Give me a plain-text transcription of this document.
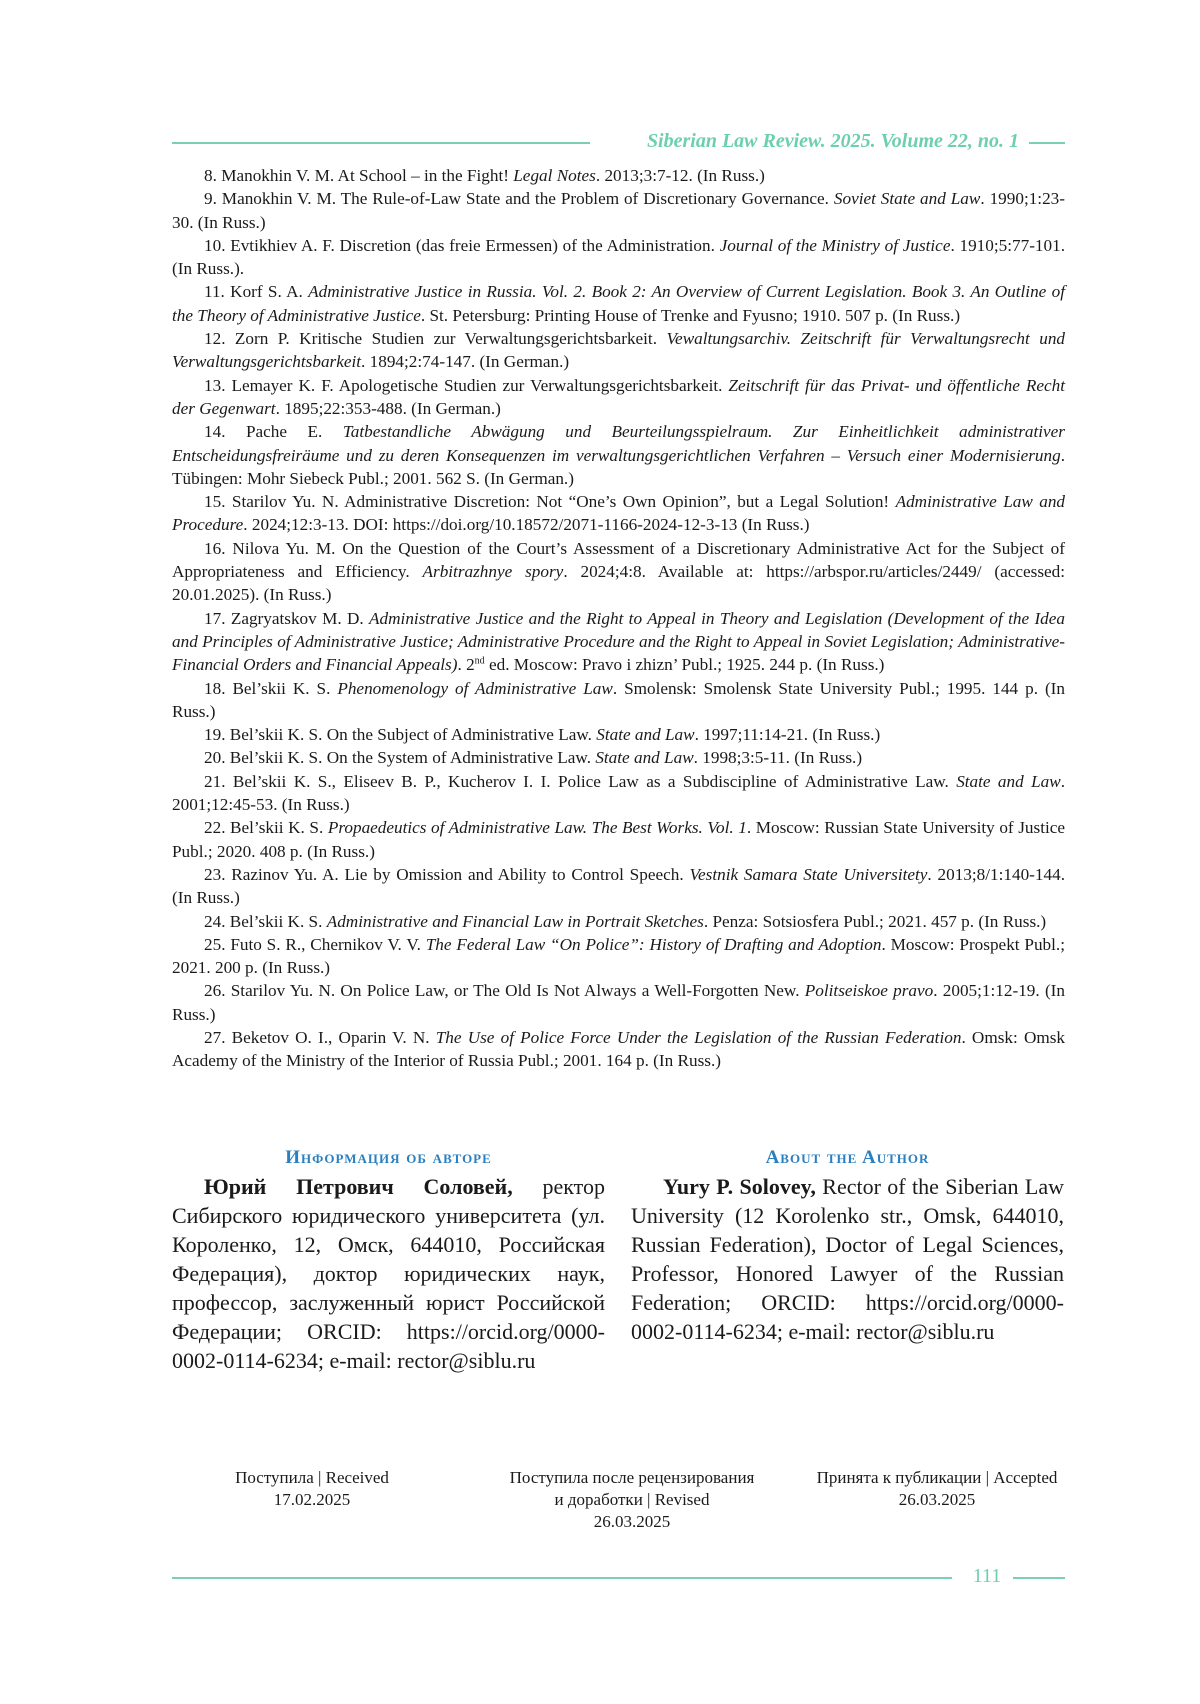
Siberian Law Review. 2025. Volume 22, no. 1

8. Manokhin V. M. At School – in the Fight! Legal Notes. 2013;3:7-12. (In Russ.)

9. Manokhin V. M. The Rule-of-Law State and the Problem of Discretionary Governance. Soviet State and Law. 1990;1:23-30. (In Russ.)

10. Evtikhiev A. F. Discretion (das freie Ermessen) of the Administration. Journal of the Ministry of Justice. 1910;5:77-101. (In Russ.).

11. Korf S. A. Administrative Justice in Russia. Vol. 2. Book 2: An Overview of Current Legislation. Book 3. An Outline of the Theory of Administrative Justice. St. Petersburg: Printing House of Trenke and Fyusno; 1910. 507 p. (In Russ.)

12. Zorn P. Kritische Studien zur Verwaltungsgerichtsbarkeit. Vewaltungsarchiv. Zeitschrift für Verwaltungsrecht und Verwaltungsgerichtsbarkeit. 1894;2:74-147. (In German.)

13. Lemayer K. F. Apologetische Studien zur Verwaltungsgerichtsbarkeit. Zeitschrift für das Privat- und öffentliche Recht der Gegenwart. 1895;22:353-488. (In German.)

14. Pache E. Tatbestandliche Abwägung und Beurteilungsspielraum. Zur Einheitlichkeit administrativer Entscheidungsfreiräume und zu deren Konsequenzen im verwaltungsgerichtlichen Verfahren – Versuch einer Modernisierung. Tübingen: Mohr Siebeck Publ.; 2001. 562 S. (In German.)

15. Starilov Yu. N. Administrative Discretion: Not “One’s Own Opinion”, but a Legal Solution! Administrative Law and Procedure. 2024;12:3-13. DOI: https://doi.org/10.18572/2071-1166-2024-12-3-13 (In Russ.)

16. Nilova Yu. M. On the Question of the Court’s Assessment of a Discretionary Administrative Act for the Subject of Appropriateness and Efficiency. Arbitrazhnye spory. 2024;4:8. Available at: https://arbspor.ru/articles/2449/ (accessed: 20.01.2025). (In Russ.)

17. Zagryatskov M. D. Administrative Justice and the Right to Appeal in Theory and Legislation (Development of the Idea and Principles of Administrative Justice; Administrative Procedure and the Right to Appeal in Soviet Legislation; Administrative-Financial Orders and Financial Appeals). 2nd ed. Moscow: Pravo i zhizn’ Publ.; 1925. 244 p. (In Russ.)

18. Bel’skii K. S. Phenomenology of Administrative Law. Smolensk: Smolensk State University Publ.; 1995. 144 p. (In Russ.)

19. Bel’skii K. S. On the Subject of Administrative Law. State and Law. 1997;11:14-21. (In Russ.)

20. Bel’skii K. S. On the System of Administrative Law. State and Law. 1998;3:5-11. (In Russ.)

21. Bel’skii K. S., Eliseev B. P., Kucherov I. I. Police Law as a Subdiscipline of Administrative Law. State and Law. 2001;12:45-53. (In Russ.)

22. Bel’skii K. S. Propaedeutics of Administrative Law. The Best Works. Vol. 1. Moscow: Russian State University of Justice Publ.; 2020. 408 p. (In Russ.)

23. Razinov Yu. A. Lie by Omission and Ability to Control Speech. Vestnik Samara State Universitety. 2013;8/1:140-144. (In Russ.)

24. Bel’skii K. S. Administrative and Financial Law in Portrait Sketches. Penza: Sotsiosfera Publ.; 2021. 457 p. (In Russ.)

25. Futo S. R., Chernikov V. V. The Federal Law “On Police”: History of Drafting and Adoption. Moscow: Prospekt Publ.; 2021. 200 p. (In Russ.)

26. Starilov Yu. N. On Police Law, or The Old Is Not Always a Well-Forgotten New. Politseiskoe pravo. 2005;1:12-19. (In Russ.)

27. Beketov O. I., Oparin V. N. The Use of Police Force Under the Legislation of the Russian Federation. Omsk: Omsk Academy of the Ministry of the Interior of Russia Publ.; 2001. 164 p. (In Russ.)

Информация об авторе

Юрий Петрович Соловей, ректор Сибирского юридического университета (ул. Короленко, 12, Омск, 644010, Российская Федерация), доктор юридических наук, профессор, заслуженный юрист Российской Федерации; ORCID: https://orcid.org/0000-0002-0114-6234; e-mail: rector@siblu.ru

About the Author

Yury P. Solovey, Rector of the Siberian Law University (12 Korolenko str., Omsk, 644010, Russian Federation), Doctor of Legal Sciences, Professor, Honored Lawyer of the Russian Federation; ORCID: https://orcid.org/0000-0002-0114-6234; e-mail: rector@siblu.ru

Поступила | Received
17.02.2025
Поступила после рецензирования
и доработки | Revised
26.03.2025
Принята к публикации | Accepted
26.03.2025
111
